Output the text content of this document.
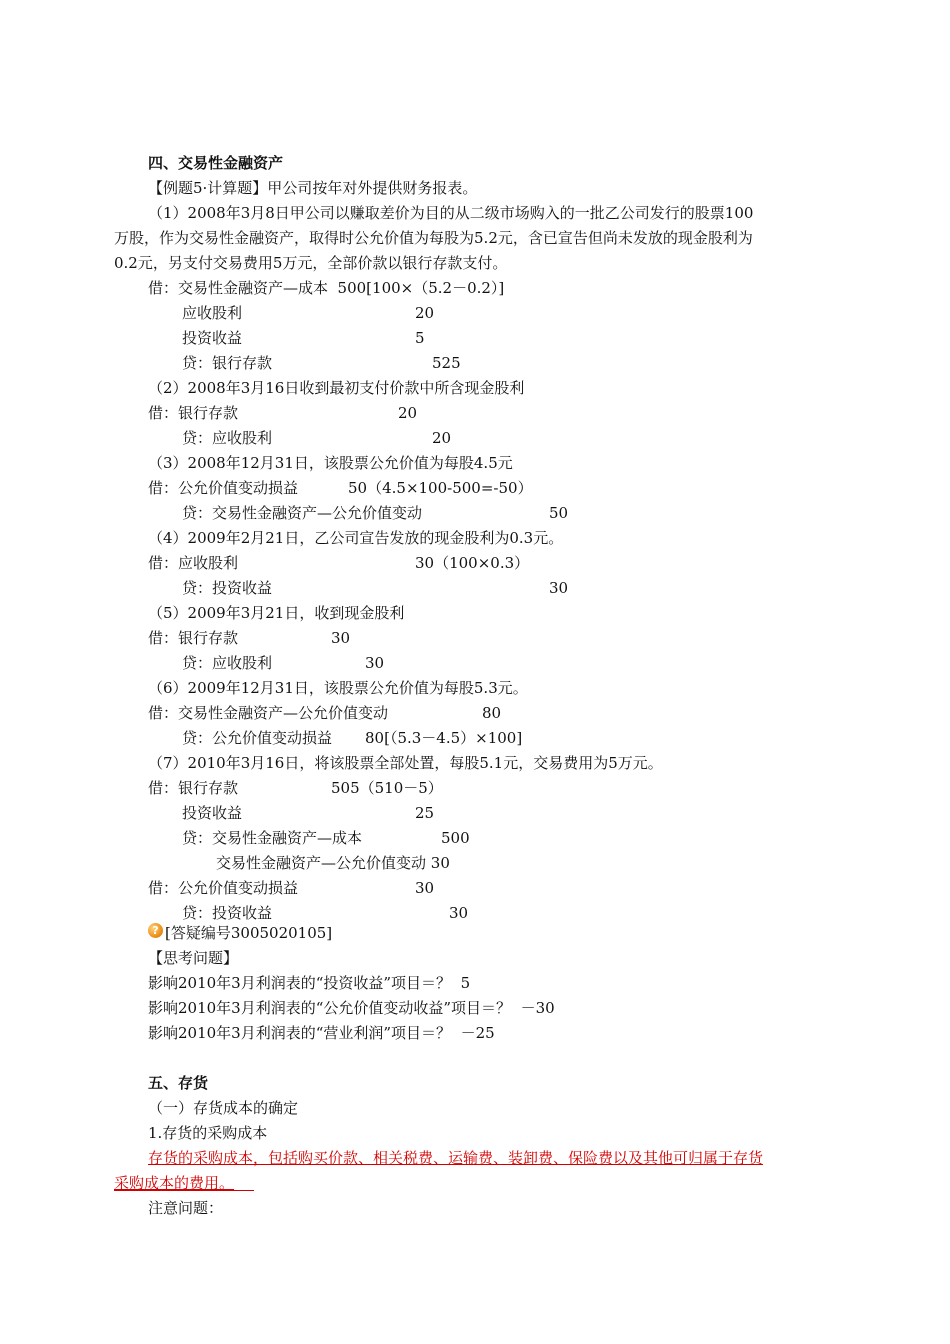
四、交易性金融资产
【例题5·计算题】甲公司按年对外提供财务报表。
（1）2008年3月8日甲公司以赚取差价为目的从二级市场购入的一批乙公司发行的股票100
万股，作为交易性金融资产，取得时公允价值为每股为5.2元，含已宣告但尚未发放的现金股利为
0.2元，另支付交易费用5万元，全部价款以银行存款支付。
借：交易性金融资产—成本  500[100×（5.2－0.2）]
应收股利	20
投资收益	5
贷：银行存款	525
（2）2008年3月16日收到最初支付价款中所含现金股利
借：银行存款	20
贷：应收股利	20
（3）2008年12月31日，该股票公允价值为每股4.5元
借：公允价值变动损益	50（4.5×100-500=-50）
贷：交易性金融资产—公允价值变动	50
（4）2009年2月21日，乙公司宣告发放的现金股利为0.3元。
借：应收股利	30（100×0.3）
贷：投资收益	30
（5）2009年3月21日，收到现金股利
借：银行存款	30
贷：应收股利	30
（6）2009年12月31日，该股票公允价值为每股5.3元。
借：交易性金融资产—公允价值变动	80
贷：公允价值变动损益 80[（5.3－4.5）×100]
（7）2010年3月16日，将该股票全部处置，每股5.1元，交易费用为5万元。
借：银行存款	505（510－5）
投资收益	25
贷：交易性金融资产—成本	500
交易性金融资产—公允价值变动 30
借：公允价值变动损益	30
贷：投资收益	30
? [答疑编号3005020105]
【思考问题】
影响2010年3月利润表的“投资收益”项目＝？  5
影响2010年3月利润表的“公允价值变动收益”项目＝？  －30
影响2010年3月利润表的“营业利润”项目＝？  －25
五、存货
（一）存货成本的确定
1.存货的采购成本
存货的采购成本，包括购买价款、相关税费、运输费、装卸费、保险费以及其他可归属于存货
采购成本的费用。
注意问题：
